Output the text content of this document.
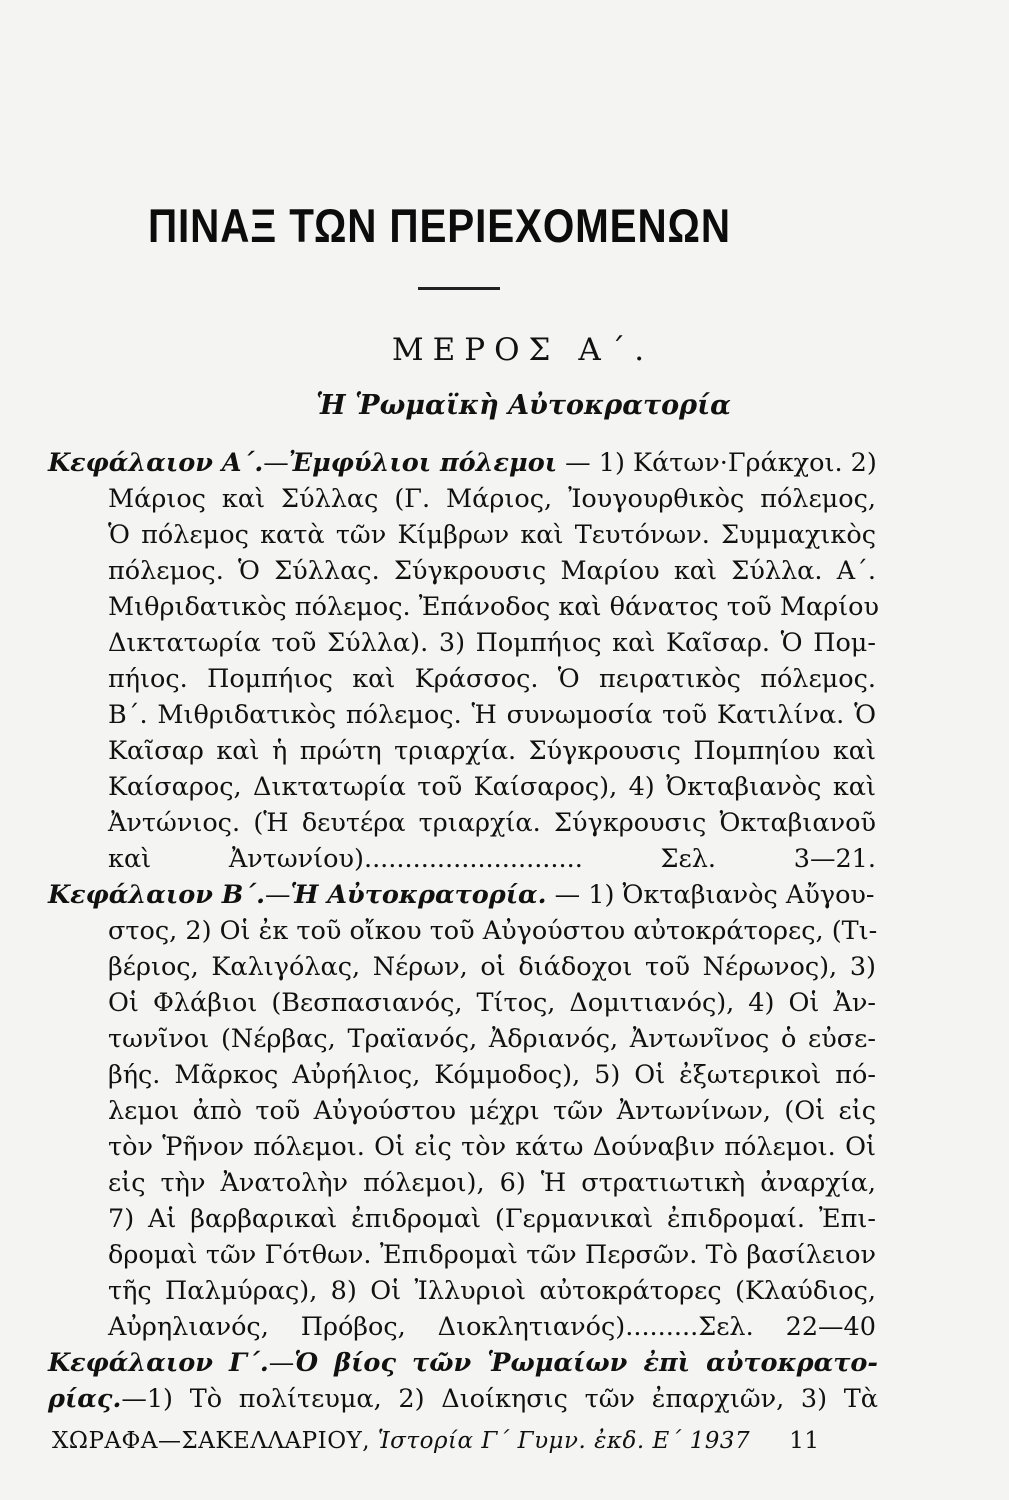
ΠΙΝΑΞ ΤΩΝ ΠΕΡΙΕΧΟΜΕΝΩΝ
ΜΕΡΟΣ Α΄.
Ἡ Ῥωμαϊκὴ Αὐτοκρατορία
Κεφάλαιον Α΄.—Ἐμφύλιοι πόλεμοι — 1) Κάτων·Γράκχοι. 2)
Μάριος καὶ Σύλλας (Γ. Μάριος, Ἰουγουρθικὸς πόλεμος,
Ὁ πόλεμος κατὰ τῶν Κίμβρων καὶ Τευτόνων. Συμμαχικὸς
πόλεμος. Ὁ Σύλλας. Σύγκρουσις Μαρίου καὶ Σύλλα. Α΄.
Μιθριδατικὸς πόλεμος. Ἐπάνοδος καὶ θάνατος τοῦ Μαρίου
Δικτατωρία τοῦ Σύλλα). 3) Πομπήιος καὶ Καῖσαρ. Ὁ Πομ-
πήιος. Πομπήιος καὶ Κράσσος. Ὁ πειρατικὸς πόλεμος.
Β΄. Μιθριδατικὸς πόλεμος. Ἡ συνωμοσία τοῦ Κατιλίνα. Ὁ
Καῖσαρ καὶ ἡ πρώτη τριαρχία. Σύγκρουσις Πομπηίου καὶ
Καίσαρος, Δικτατωρία τοῦ Καίσαρος), 4) Ὀκταβιανὸς καὶ
Ἀντώνιος. (Ἡ δευτέρα τριαρχία. Σύγκρουσις Ὀκταβιανοῦ
καὶ Ἀντωνίου)........................... Σελ. 3—21.
Κεφάλαιον Β΄.—Ἡ Αὐτοκρατορία. — 1) Ὀκταβιανὸς Αὔγου-
στος, 2) Οἱ ἐκ τοῦ οἴκου τοῦ Αὐγούστου αὐτοκράτορες, (Τι-
βέριος, Καλιγόλας, Νέρων, οἱ διάδοχοι τοῦ Νέρωνος), 3)
Οἱ Φλάβιοι (Βεσπασιανός, Τίτος, Δομιτιανός), 4) Οἱ Ἀν-
τωνῖνοι (Νέρβας, Τραϊανός, Ἀδριανός, Ἀντωνῖνος ὁ εὐσε-
βής. Μᾶρκος Αὐρήλιος, Κόμμοδος), 5) Οἱ ἐξωτερικοὶ πό-
λεμοι ἀπὸ τοῦ Αὐγούστου μέχρι τῶν Ἀντωνίνων, (Οἱ εἰς
τὸν Ῥῆνον πόλεμοι. Οἱ εἰς τὸν κάτω Δούναβιν πόλεμοι. Οἱ
εἰς τὴν Ἀνατολὴν πόλεμοι), 6) Ἡ στρατιωτικὴ ἀναρχία,
7) Αἱ βαρβαρικαὶ ἐπιδρομαὶ (Γερμανικαὶ ἐπιδρομαί. Ἐπι-
δρομαὶ τῶν Γότθων. Ἐπιδρομαὶ τῶν Περσῶν. Τὸ βασίλειον
τῆς Παλμύρας), 8) Οἱ Ἰλλυριοὶ αὐτοκράτορες (Κλαύδιος,
Αὐρηλιανός, Πρόβος, Διοκλητιανός).........Σελ. 22—40
Κεφάλαιον Γ΄.—Ὁ βίος τῶν Ῥωμαίων ἐπὶ αὐτοκρατο-
ΧΩΡΑΦΑ—ΣΑΚΕΛΛΑΡΙΟΥ, Ἱστορία Γ΄ Γυμν. ἐκδ. Ε΄ 1937 11
ρίας.—1) Τὸ πολίτευμα, 2) Διοίκησις τῶν ἐπαρχιῶν, 3) Τὰ
